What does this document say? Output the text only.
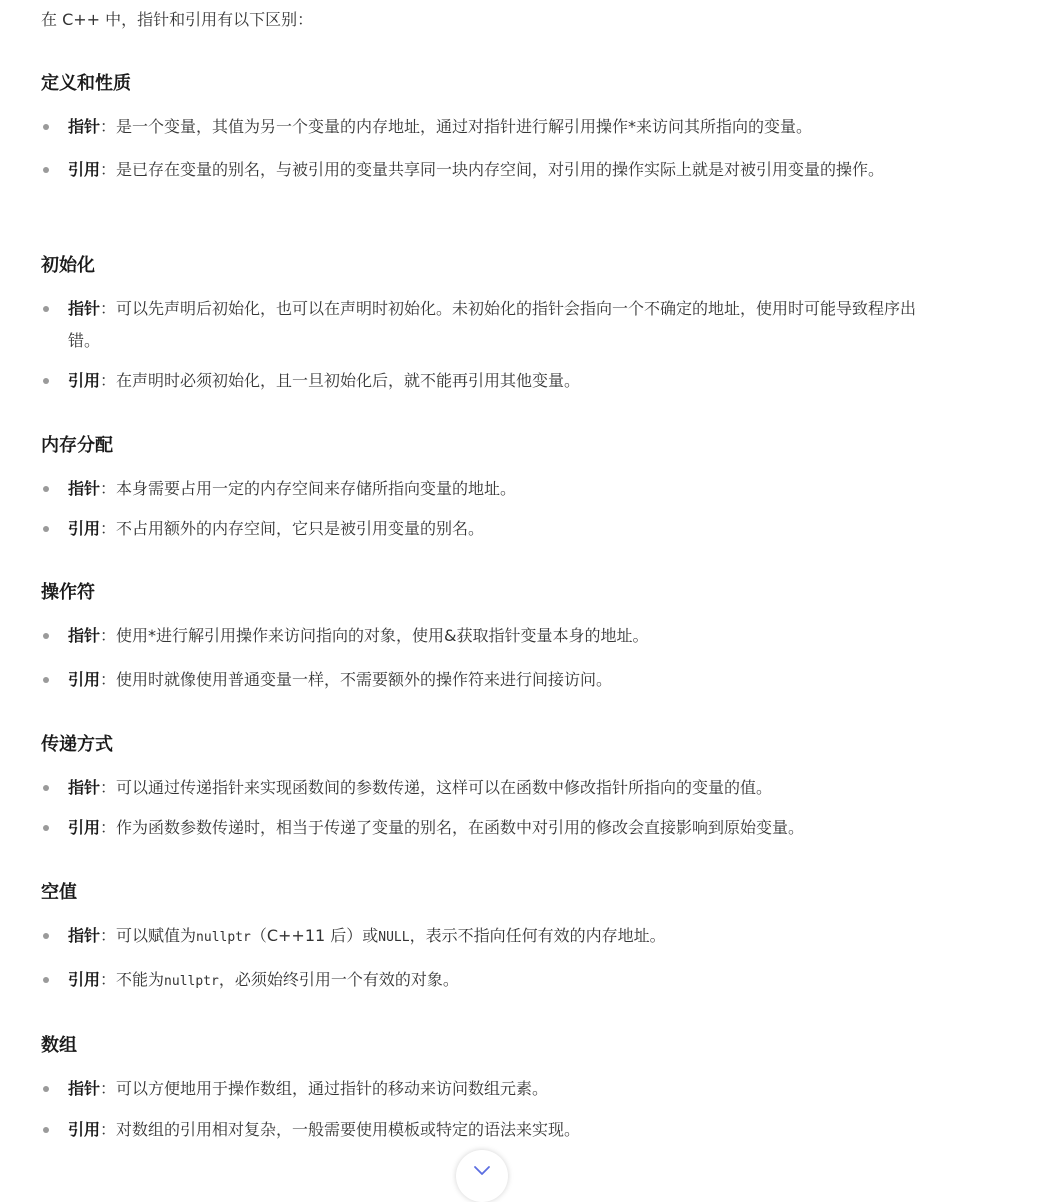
在 C++ 中，指针和引用有以下区别：
定义和性质
指针：是一个变量，其值为另一个变量的内存地址，通过对指针进行解引用操作*来访问其所指向的变量。
引用：是已存在变量的别名，与被引用的变量共享同一块内存空间，对引用的操作实际上就是对被引用变量的操作。
初始化
指针：可以先声明后初始化，也可以在声明时初始化。未初始化的指针会指向一个不确定的地址，使用时可能导致程序出错。
引用：在声明时必须初始化，且一旦初始化后，就不能再引用其他变量。
内存分配
指针：本身需要占用一定的内存空间来存储所指向变量的地址。
引用：不占用额外的内存空间，它只是被引用变量的别名。
操作符
指针：使用*进行解引用操作来访问指向的对象，使用&获取指针变量本身的地址。
引用：使用时就像使用普通变量一样，不需要额外的操作符来进行间接访问。
传递方式
指针：可以通过传递指针来实现函数间的参数传递，这样可以在函数中修改指针所指向的变量的值。
引用：作为函数参数传递时，相当于传递了变量的别名，在函数中对引用的修改会直接影响到原始变量。
空值
指针：可以赋值为nullptr（C++11 后）或NULL，表示不指向任何有效的内存地址。
引用：不能为nullptr，必须始终引用一个有效的对象。
数组
指针：可以方便地用于操作数组，通过指针的移动来访问数组元素。
引用：对数组的引用相对复杂，一般需要使用模板或特定的语法来实现。
